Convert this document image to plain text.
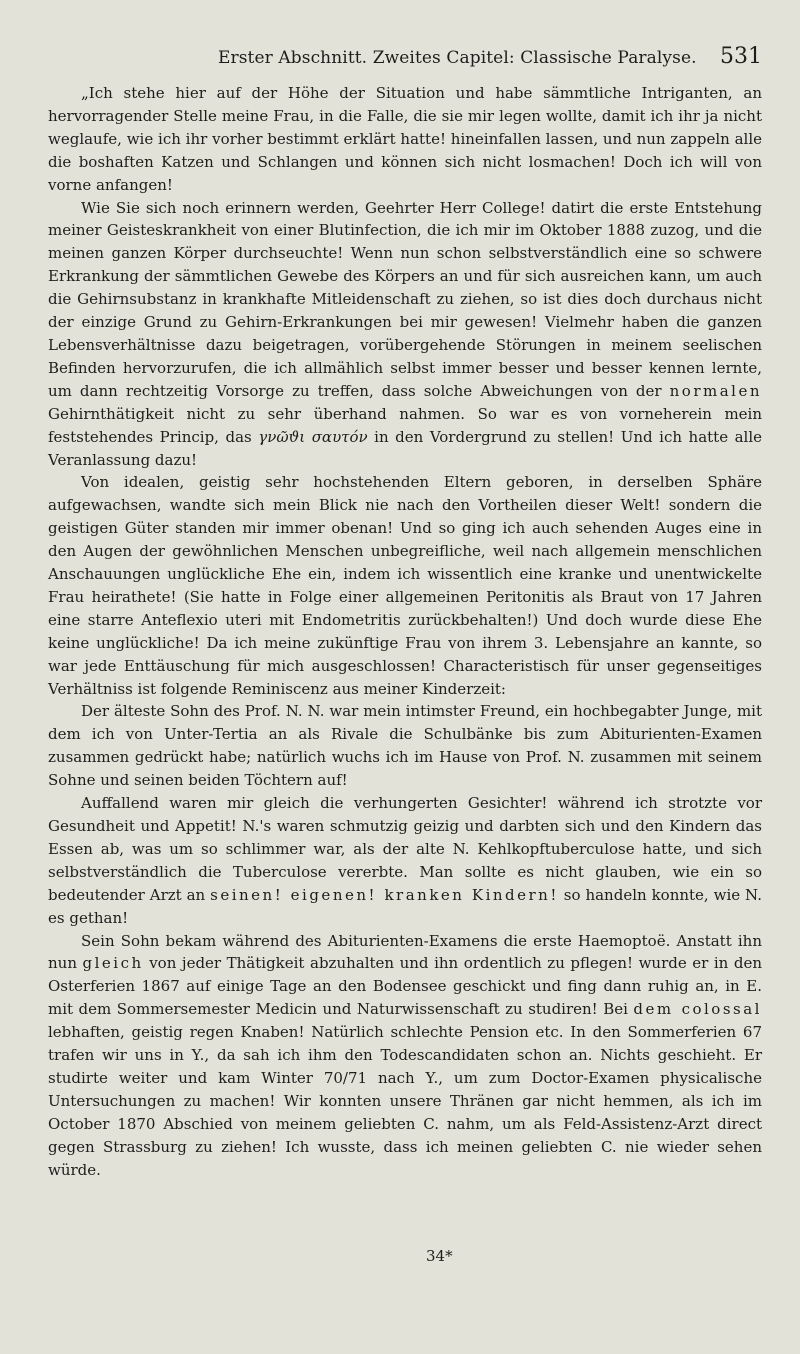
Erster Abschnitt. Zweites Capitel: Classische Paralyse. 531

„Ich stehe hier auf der Höhe der Situation und habe sämmtliche Intriganten, an hervorragender Stelle meine Frau, in die Falle, die sie mir legen wollte, damit ich ihr ja nicht weglaufe, wie ich ihr vorher bestimmt erklärt hatte! hineinfallen lassen, und nun zappeln alle die boshaften Katzen und Schlangen und können sich nicht losmachen! Doch ich will von vorne anfangen!

Wie Sie sich noch erinnern werden, Geehrter Herr College! datirt die erste Entstehung meiner Geisteskrankheit von einer Blutinfection, die ich mir im Oktober 1888 zuzog, und die meinen ganzen Körper durchseuchte! Wenn nun schon selbstverständlich eine so schwere Erkrankung der sämmtlichen Gewebe des Körpers an und für sich ausreichen kann, um auch die Gehirnsubstanz in krankhafte Mitleidenschaft zu ziehen, so ist dies doch durchaus nicht der einzige Grund zu Gehirn-Erkrankungen bei mir gewesen! Vielmehr haben die ganzen Lebensverhältnisse dazu beigetragen, vorübergehende Störungen in meinem seelischen Befinden hervorzurufen, die ich allmählich selbst immer besser und besser kennen lernte, um dann rechtzeitig Vorsorge zu treffen, dass solche Abweichungen von der normalen Gehirnthätigkeit nicht zu sehr überhand nahmen. So war es von vorneherein mein feststehendes Princip, das γνῶϑι σαυτόν in den Vordergrund zu stellen! Und ich hatte alle Veranlassung dazu!

Von idealen, geistig sehr hochstehenden Eltern geboren, in derselben Sphäre aufgewachsen, wandte sich mein Blick nie nach den Vortheilen dieser Welt! sondern die geistigen Güter standen mir immer obenan! Und so ging ich auch sehenden Auges eine in den Augen der gewöhnlichen Menschen unbegreifliche, weil nach allgemein menschlichen Anschauungen unglückliche Ehe ein, indem ich wissentlich eine kranke und unentwickelte Frau heirathete! (Sie hatte in Folge einer allgemeinen Peritonitis als Braut von 17 Jahren eine starre Anteflexio uteri mit Endometritis zurückbehalten!) Und doch wurde diese Ehe keine unglückliche! Da ich meine zukünftige Frau von ihrem 3. Lebensjahre an kannte, so war jede Enttäuschung für mich ausgeschlossen! Characteristisch für unser gegenseitiges Verhältniss ist folgende Reminiscenz aus meiner Kinderzeit:

Der älteste Sohn des Prof. N. N. war mein intimster Freund, ein hochbegabter Junge, mit dem ich von Unter-Tertia an als Rivale die Schulbänke bis zum Abiturienten-Examen zusammen gedrückt habe; natürlich wuchs ich im Hause von Prof. N. zusammen mit seinem Sohne und seinen beiden Töchtern auf!

Auffallend waren mir gleich die verhungerten Gesichter! während ich strotzte vor Gesundheit und Appetit! N.'s waren schmutzig geizig und darbten sich und den Kindern das Essen ab, was um so schlimmer war, als der alte N. Kehlkopftuberculose hatte, und sich selbstverständlich die Tuberculose vererbte. Man sollte es nicht glauben, wie ein so bedeutender Arzt an seinen! eigenen! kranken Kindern! so handeln konnte, wie N. es gethan!

Sein Sohn bekam während des Abiturienten-Examens die erste Haemoptoë. Anstatt ihn nun gleich von jeder Thätigkeit abzuhalten und ihn ordentlich zu pflegen! wurde er in den Osterferien 1867 auf einige Tage an den Bodensee geschickt und fing dann ruhig an, in E. mit dem Sommersemester Medicin und Naturwissenschaft zu studiren! Bei dem colossal lebhaften, geistig regen Knaben! Natürlich schlechte Pension etc. In den Sommerferien 67 trafen wir uns in Y., da sah ich ihm den Todescandidaten schon an. Nichts geschieht. Er studirte weiter und kam Winter 70/71 nach Y., um zum Doctor-Examen physicalische Untersuchungen zu machen! Wir konnten unsere Thränen gar nicht hemmen, als ich im October 1870 Abschied von meinem geliebten C. nahm, um als Feld-Assistenz-Arzt direct gegen Strassburg zu ziehen! Ich wusste, dass ich meinen geliebten C. nie wieder sehen würde.

34*
